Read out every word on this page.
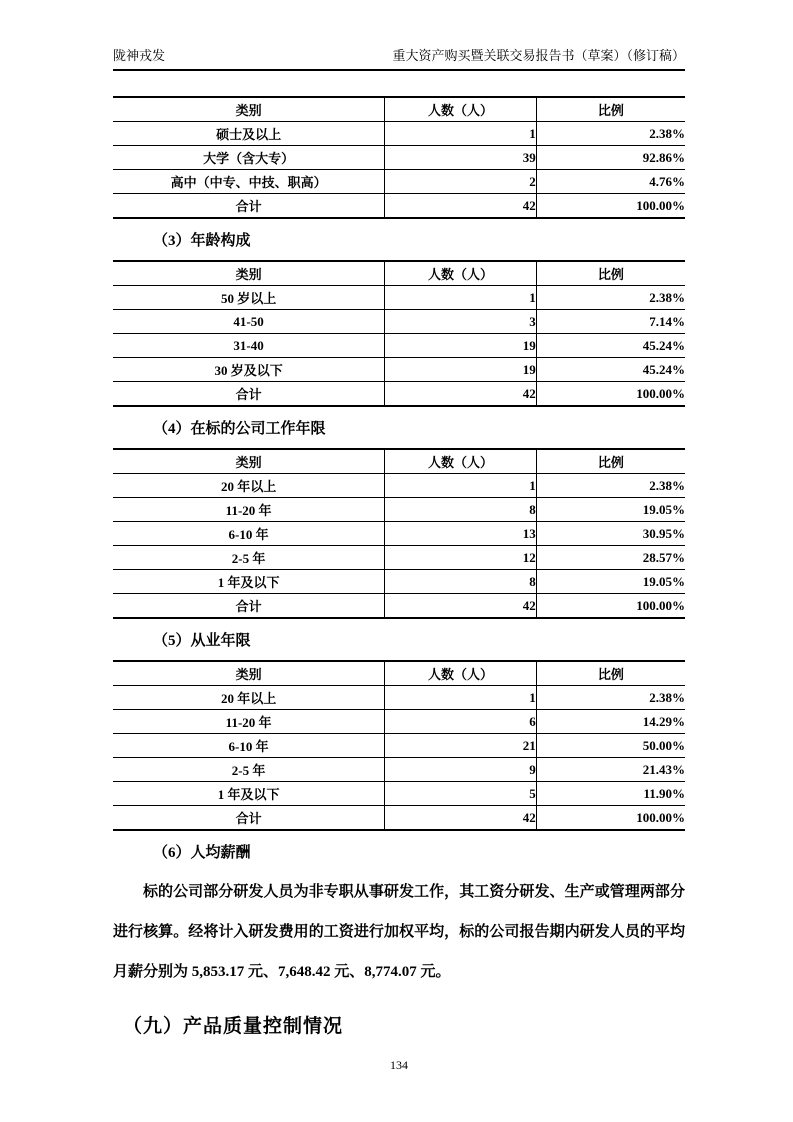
陇神戎发	重大资产购买暨关联交易报告书（草案）（修订稿）
类别	人数（人）	比例
硕士及以上	1	2.38%
大学（含大专）	39	92.86%
高中（中专、中技、职高）	2	4.76%
合计	42	100.00%
（3）年龄构成
类别	人数（人）	比例
50 岁以上	1	2.38%
41-50	3	7.14%
31-40	19	45.24%
30 岁及以下	19	45.24%
合计	42	100.00%
（4）在标的公司工作年限
类别	人数（人）	比例
20 年以上	1	2.38%
11-20 年	8	19.05%
6-10 年	13	30.95%
2-5 年	12	28.57%
1 年及以下	8	19.05%
合计	42	100.00%
（5）从业年限
类别	人数（人）	比例
20 年以上	1	2.38%
11-20 年	6	14.29%
6-10 年	21	50.00%
2-5 年	9	21.43%
1 年及以下	5	11.90%
合计	42	100.00%
（6）人均薪酬

标的公司部分研发人员为非专职从事研发工作，其工资分研发、生产或管理两部分进行核算。经将计入研发费用的工资进行加权平均，标的公司报告期内研发人员的平均月薪分别为 5,853.17 元、7,648.42 元、8,774.07 元。

（九）产品质量控制情况
134
